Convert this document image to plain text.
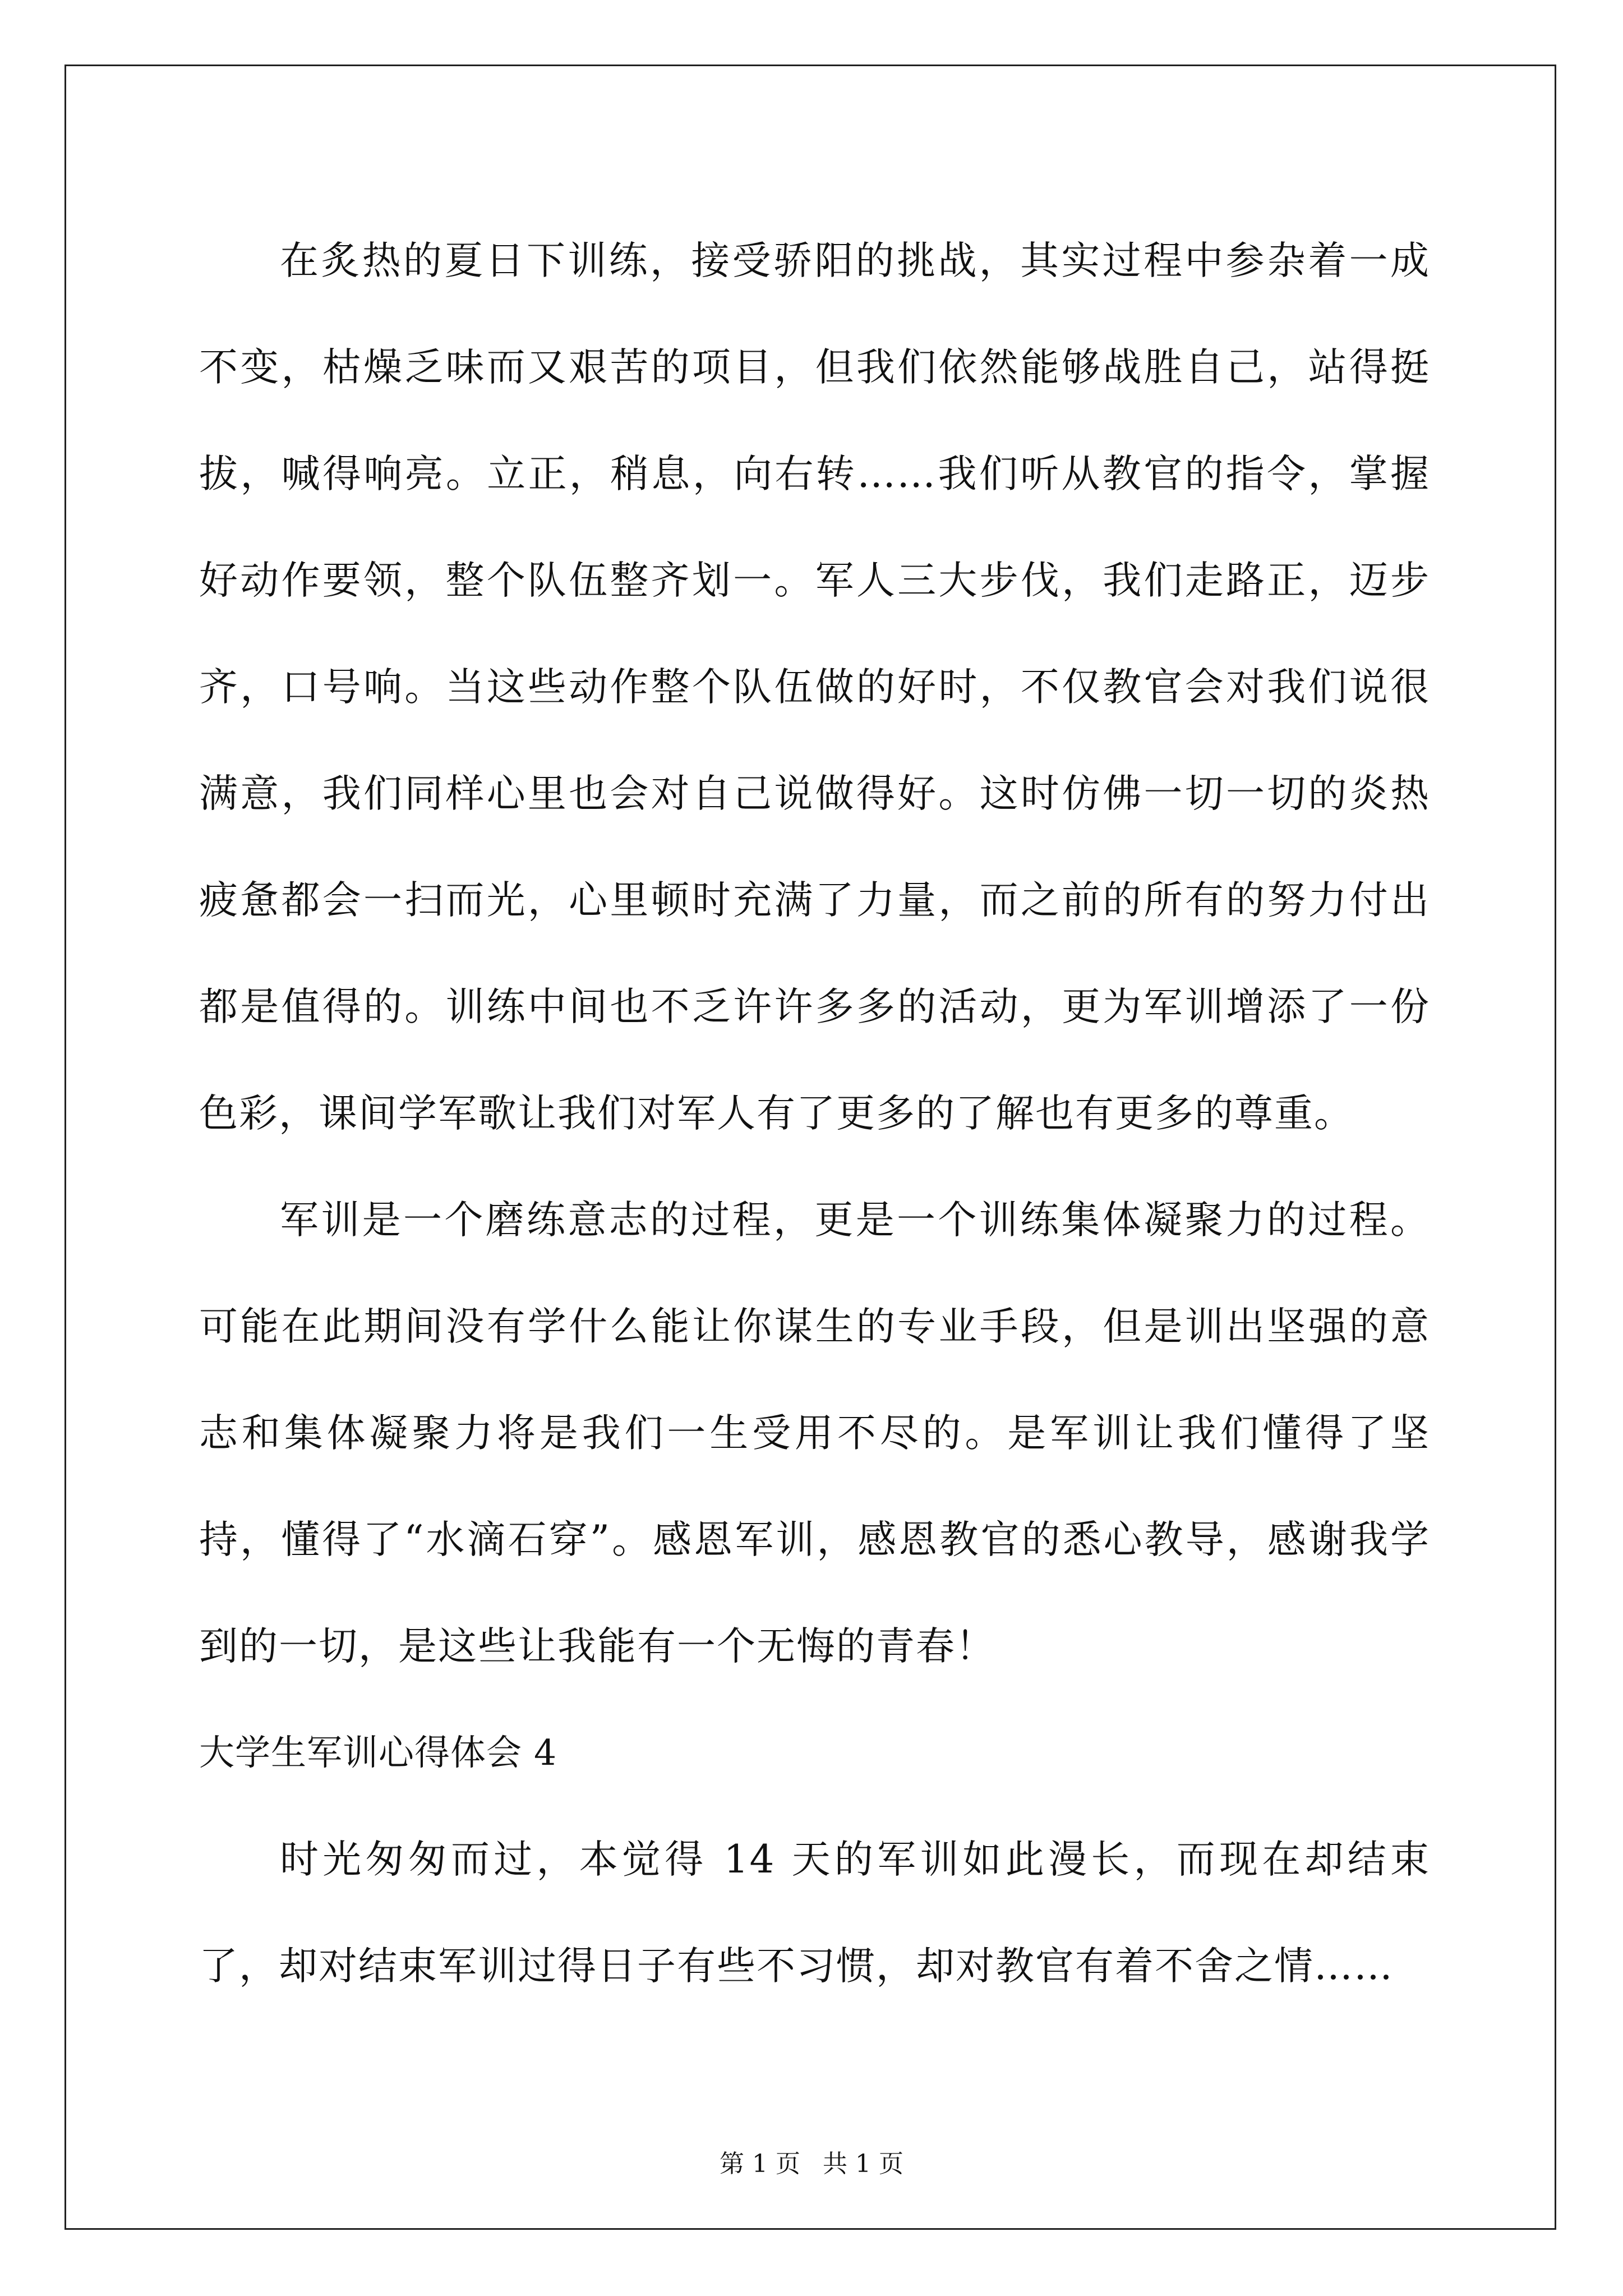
在炙热的夏日下训练，接受骄阳的挑战，其实过程中参杂着一成不变，枯燥乏味而又艰苦的项目，但我们依然能够战胜自己，站得挺拔，喊得响亮。立正，稍息，向右转……我们听从教官的指令，掌握好动作要领，整个队伍整齐划一。军人三大步伐，我们走路正，迈步齐，口号响。当这些动作整个队伍做的好时，不仅教官会对我们说很满意，我们同样心里也会对自己说做得好。这时仿佛一切一切的炎热疲惫都会一扫而光，心里顿时充满了力量，而之前的所有的努力付出都是值得的。训练中间也不乏许许多多的活动，更为军训增添了一份色彩，课间学军歌让我们对军人有了更多的了解也有更多的尊重。

军训是一个磨练意志的过程，更是一个训练集体凝聚力的过程。可能在此期间没有学什么能让你谋生的专业手段，但是训出坚强的意志和集体凝聚力将是我们一生受用不尽的。是军训让我们懂得了坚持，懂得了“水滴石穿”。感恩军训，感恩教官的悉心教导，感谢我学到的一切，是这些让我能有一个无悔的青春！

大学生军训心得体会 4

时光匆匆而过，本觉得 14 天的军训如此漫长，而现在却结束了，却对结束军训过得日子有些不习惯，却对教官有着不舍之情……

第 1 页 共 1 页
